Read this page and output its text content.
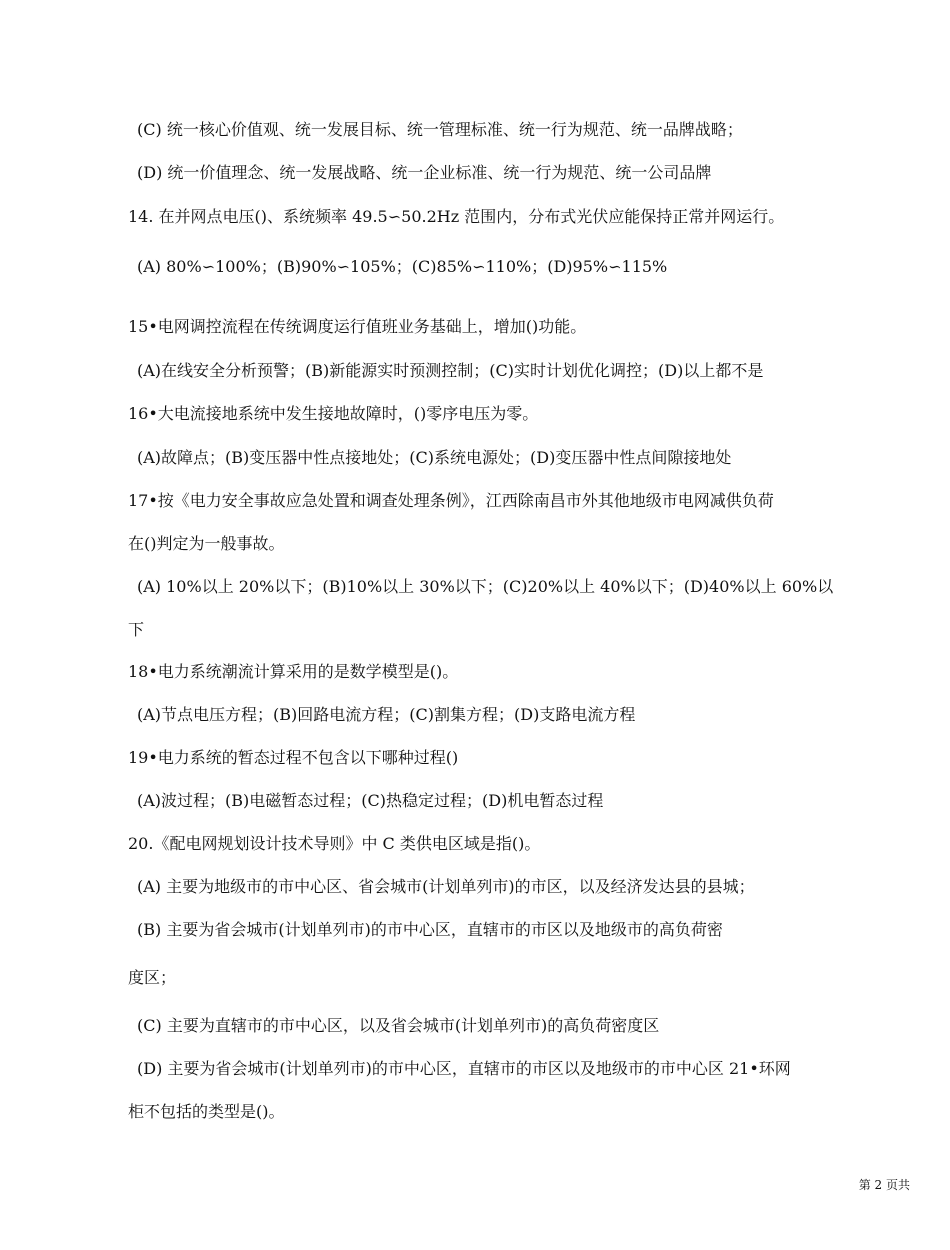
(C) 统一核心价值观、统一发展目标、统一管理标准、统一行为规范、统一品牌战略；
(D) 统一价值理念、统一发展战略、统一企业标准、统一行为规范、统一公司品牌
14. 在并网点电压()、系统频率 49.5∽50.2Hz 范围内，分布式光伏应能保持正常并网运行。
(A) 80%∽100%；(B)90%∽105%；(C)85%∽110%；(D)95%∽115%
15•电网调控流程在传统调度运行值班业务基础上，增加()功能。
(A)在线安全分析预警；(B)新能源实时预测控制；(C)实时计划优化调控；(D)以上都不是
16•大电流接地系统中发生接地故障时，()零序电压为零。
(A)故障点；(B)变压器中性点接地处；(C)系统电源处；(D)变压器中性点间隙接地处
17•按《电力安全事故应急处置和调查处理条例》，江西除南昌市外其他地级市电网减供负荷
在()判定为一般事故。
(A) 10%以上 20%以下；(B)10%以上 30%以下；(C)20%以上 40%以下；(D)40%以上 60%以
下
18•电力系统潮流计算采用的是数学模型是()。
(A)节点电压方程；(B)回路电流方程；(C)割集方程；(D)支路电流方程
19•电力系统的暂态过程不包含以下哪种过程()
(A)波过程；(B)电磁暂态过程；(C)热稳定过程；(D)机电暂态过程
20.《配电网规划设计技术导则》中 C 类供电区域是指()。
(A) 主要为地级市的市中心区、省会城市(计划单列市)的市区，以及经济发达县的县城；
(B) 主要为省会城市(计划单列市)的市中心区，直辖市的市区以及地级市的高负荷密
度区；
(C) 主要为直辖市的市中心区，以及省会城市(计划单列市)的高负荷密度区
(D) 主要为省会城市(计划单列市)的市中心区，直辖市的市区以及地级市的市中心区 21•环网
柜不包括的类型是()。
第 2 页共
